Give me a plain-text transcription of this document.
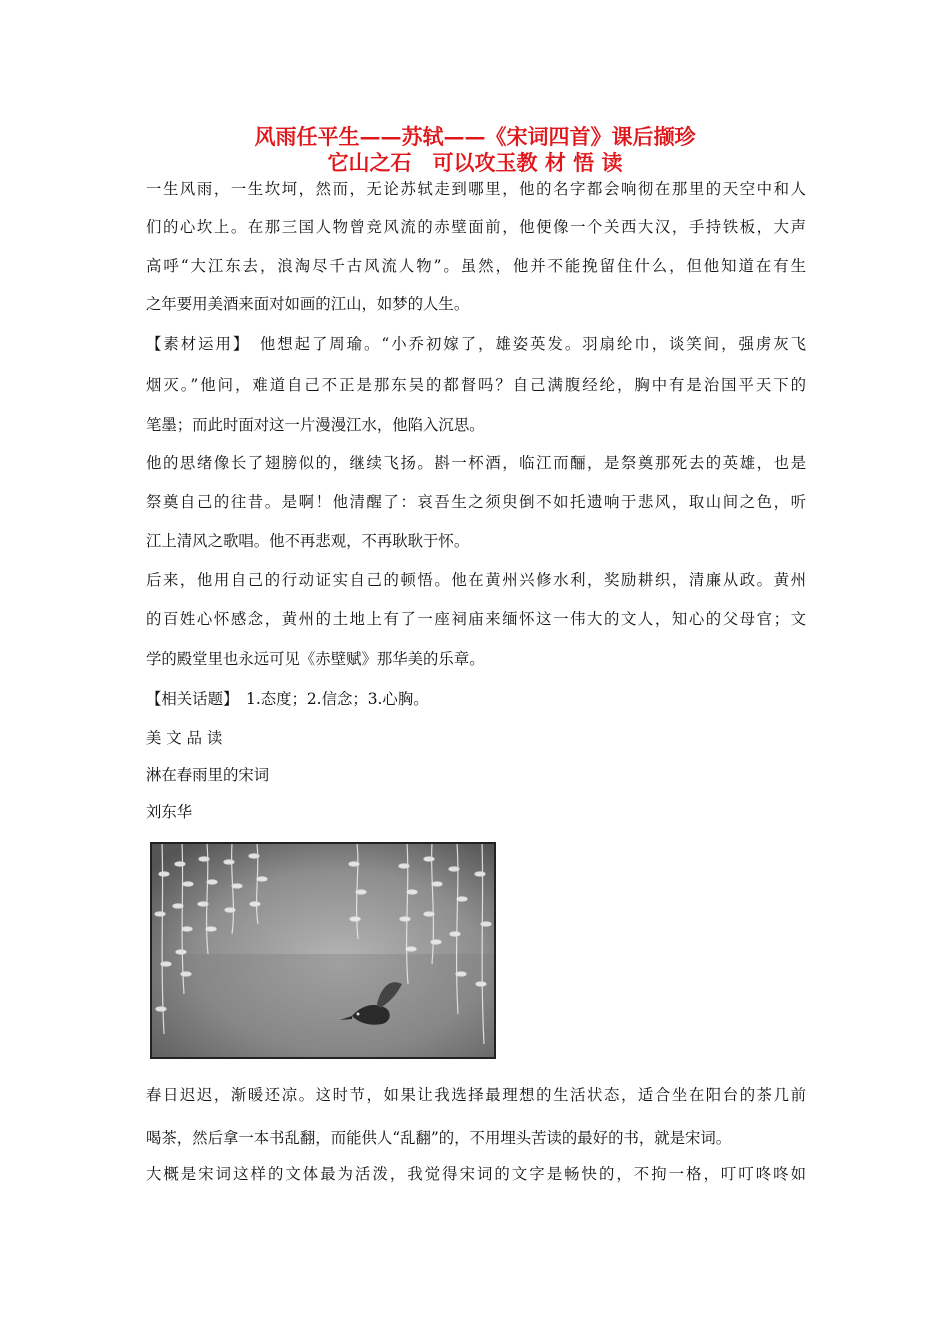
风雨任平生——苏轼——《宋词四首》课后撷珍
它山之石　可以攻玉教 材 悟 读
一生风雨，一生坎坷，然而，无论苏轼走到哪里，他的名字都会响彻在那里的天空中和人
们的心坎上。在那三国人物曾竞风流的赤壁面前，他便像一个关西大汉，手持铁板，大声
高呼“大江东去，浪淘尽千古风流人物”。虽然，他并不能挽留住什么，但他知道在有生
之年要用美酒来面对如画的江山，如梦的人生。
【素材运用】　他想起了周瑜。“小乔初嫁了，雄姿英发。羽扇纶巾，谈笑间，强虏灰飞
烟灭。”他问，难道自己不正是那东吴的都督吗？自己满腹经纶，胸中有是治国平天下的
笔墨；而此时面对这一片漫漫江水，他陷入沉思。
他的思绪像长了翅膀似的，继续飞扬。斟一杯酒，临江而酾，是祭奠那死去的英雄，也是
祭奠自己的往昔。是啊！他清醒了：哀吾生之须臾倒不如托遗响于悲风，取山间之色，听
江上清风之歌唱。他不再悲观，不再耿耿于怀。
后来，他用自己的行动证实自己的顿悟。他在黄州兴修水利，奖励耕织，清廉从政。黄州
的百姓心怀感念，黄州的土地上有了一座祠庙来缅怀这一伟大的文人，知心的父母官；文
学的殿堂里也永远可见《赤壁赋》那华美的乐章。
【相关话题】　1.态度；2.信念；3.心胸。
美 文 品 读
淋在春雨里的宋词
刘东华
春日迟迟，渐暖还凉。这时节，如果让我选择最理想的生活状态，适合坐在阳台的茶几前
喝茶，然后拿一本书乱翻，而能供人“乱翻”的，不用埋头苦读的最好的书，就是宋词。
大概是宋词这样的文体最为活泼，我觉得宋词的文字是畅快的，不拘一格，叮叮咚咚如
